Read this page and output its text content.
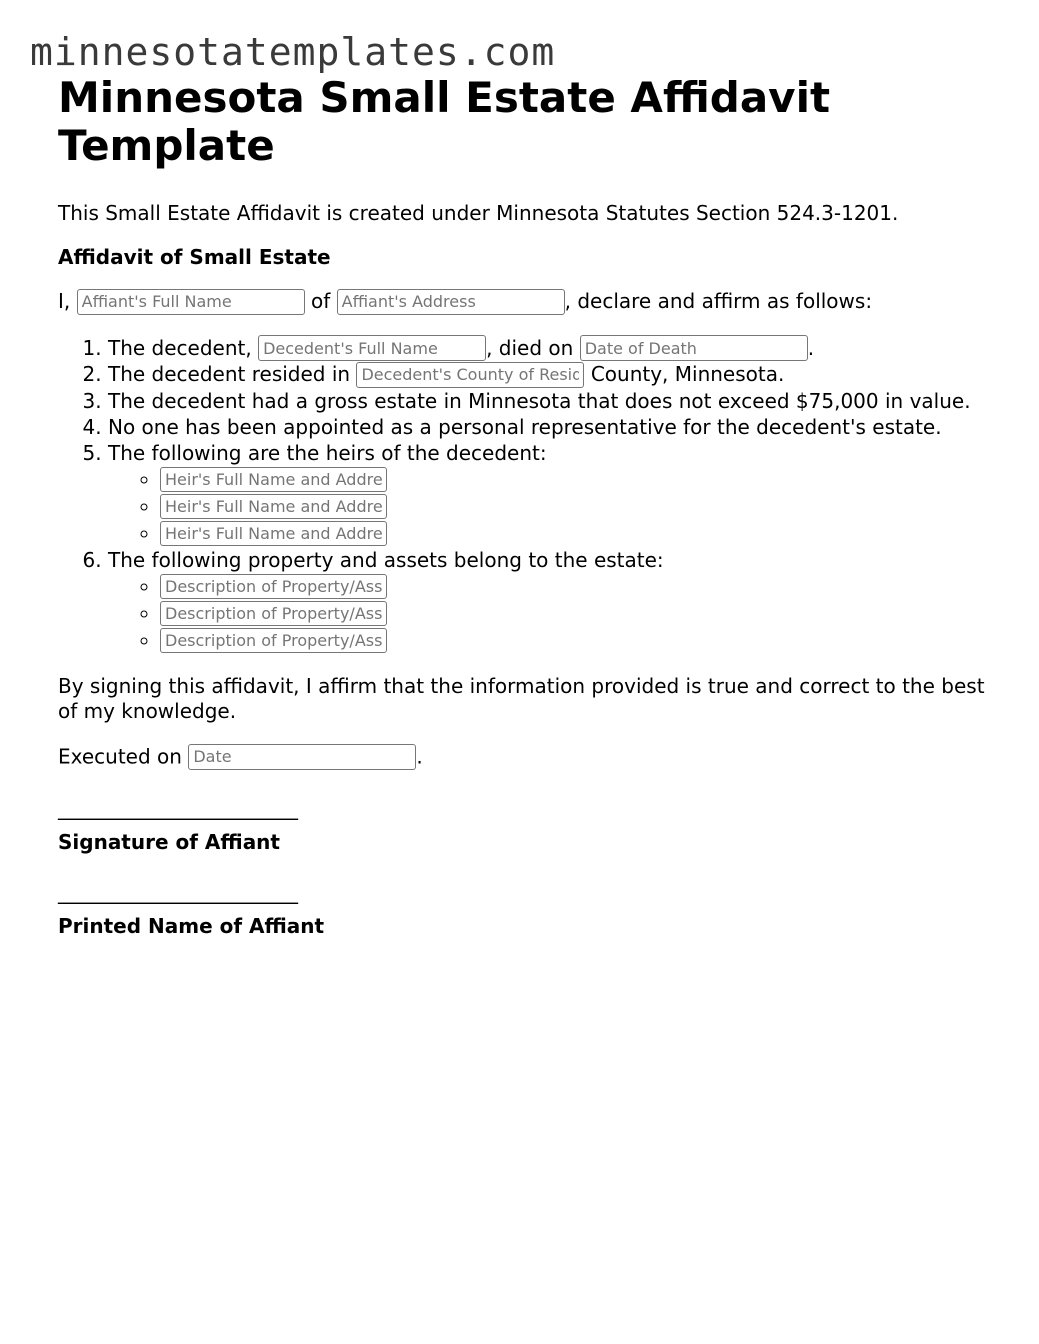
minnesotatemplates.com
Minnesota Small Estate Affidavit Template

This Small Estate Affidavit is created under Minnesota Statutes Section 524.3-1201.

Affidavit of Small Estate
I, Affiant's Full Name	of Affiant's Address	, declare and affirm as follows:
1. The decedent, Decedent's Full Name	, died on Date of Death	.
2. The decedent resided in Decedent's County of Residence	County, Minnesota.
3. The decedent had a gross estate in Minnesota that does not exceed $75,000 in value.
4. No one has been appointed as a personal representative for the decedent's estate.
5. The following are the heirs of the decedent:
◦ Heir's Full Name and Address
◦ Heir's Full Name and Address
◦ Heir's Full Name and Address
6. The following property and assets belong to the estate:
◦ Description of Property/Asset
◦ Description of Property/Asset
◦ Description of Property/Asset

By signing this affidavit, I affirm that the information provided is true and correct to the best of my knowledge.

Executed on Date	.
________________________
Signature of Affiant
________________________
Printed Name of Affiant
